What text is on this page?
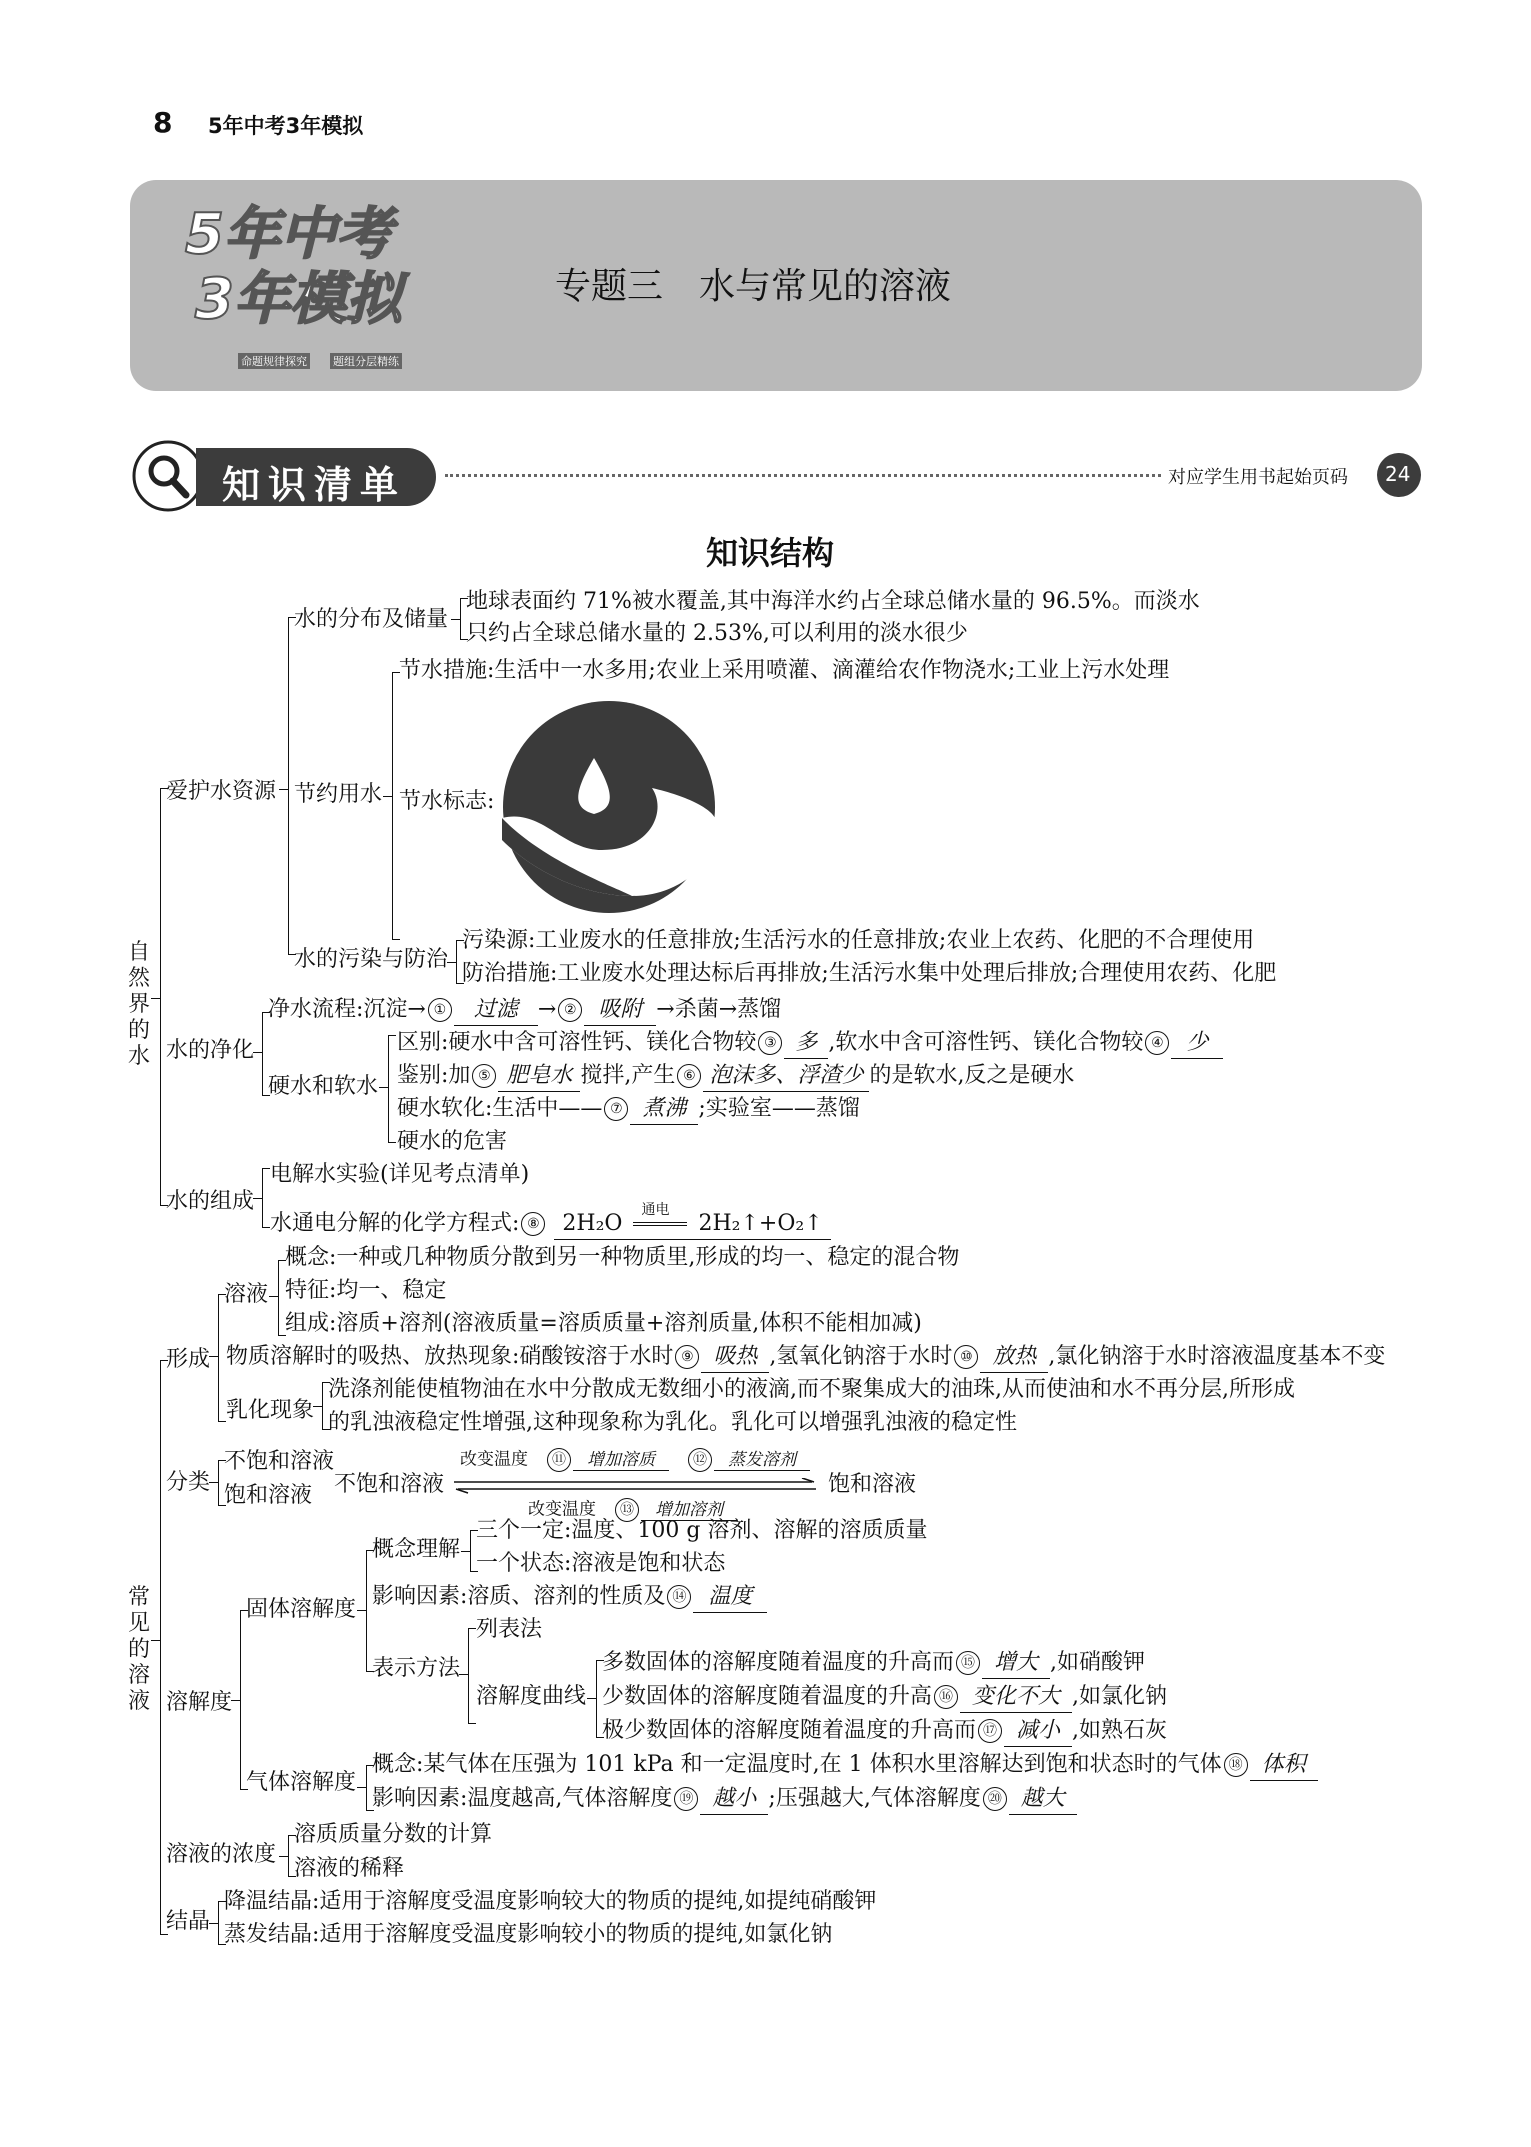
8 5年中考3年模拟
5年中考
3年模拟
命题规律探究 题组分层精练
专题三　水与常见的溶液
知识清单	对应学生用书起始页码 24
知识结构
自然界的水
爱护水资源
水的分布及储量
地球表面约 71%被水覆盖,其中海洋水约占全球总储水量的 96.5%。而淡水
只约占全球总储水量的 2.53%,可以利用的淡水很少
节约用水
节水措施:生活中一水多用;农业上采用喷灌、滴灌给农作物浇水;工业上污水处理
节水标志:
水的污染与防治
污染源:工业废水的任意排放;生活污水的任意排放;农业上农药、化肥的不合理使用
防治措施:工业废水处理达标后再排放;生活污水集中处理后排放;合理使用农药、化肥
水的净化
净水流程:沉淀→ ① 过滤 → ② 吸附 →杀菌→蒸馏
硬水和软水
区别:硬水中含可溶性钙、镁化合物较 ③ 多 ,软水中含可溶性钙、镁化合物较 ④ 少
鉴别:加 ⑤ 肥皂水 搅拌,产生 ⑥ 泡沫多、浮渣少 的是软水,反之是硬水
硬水软化:生活中—— ⑦ 煮沸 ;实验室——蒸馏
硬水的危害
水的组成
电解水实验(详见考点清单)
水通电分解的化学方程式: ⑧ 2H₂O
通电
2H₂↑+O₂↑
常见的溶液
形成
溶液
概念:一种或几种物质分散到另一种物质里,形成的均一、稳定的混合物
特征:均一、稳定
组成:溶质+溶剂(溶液质量=溶质质量+溶剂质量,体积不能相加减)
物质溶解时的吸热、放热现象:硝酸铵溶于水时 ⑨ 吸热 ,氢氧化钠溶于水时 ⑩ 放热 ,氯化钠溶于水时溶液温度基本不变
乳化现象
洗涤剂能使植物油在水中分散成无数细小的液滴,而不聚集成大的油珠,从而使油和水不再分层,所形成
的乳浊液稳定性增强,这种现象称为乳化。乳化可以增强乳浊液的稳定性
分类
不饱和溶液
饱和溶液 不饱和溶液
改变温度　 ⑪ 增加溶质　	⑫ 蒸发溶剂
改变温度　 ⑬ 增加溶剂
饱和溶液
溶解度
固体溶解度
概念理解
三个一定:温度、100 g 溶剂、溶解的溶质质量
一个状态:溶液是饱和状态
影响因素:溶质、溶剂的性质及 ⑭ 温度
表示方法
列表法
溶解度曲线
多数固体的溶解度随着温度的升高而 ⑮ 增大 ,如硝酸钾
少数固体的溶解度随着温度的升高 ⑯ 变化不大 ,如氯化钠
极少数固体的溶解度随着温度的升高而 ⑰ 减小 ,如熟石灰
气体溶解度
概念:某气体在压强为 101 kPa 和一定温度时,在 1 体积水里溶解达到饱和状态时的气体 ⑱ 体积
影响因素:温度越高,气体溶解度 ⑲ 越小 ;压强越大,气体溶解度 ⑳ 越大
溶液的浓度
溶质质量分数的计算
溶液的稀释
结晶
降温结晶:适用于溶解度受温度影响较大的物质的提纯,如提纯硝酸钾
蒸发结晶:适用于溶解度受温度影响较小的物质的提纯,如氯化钠
